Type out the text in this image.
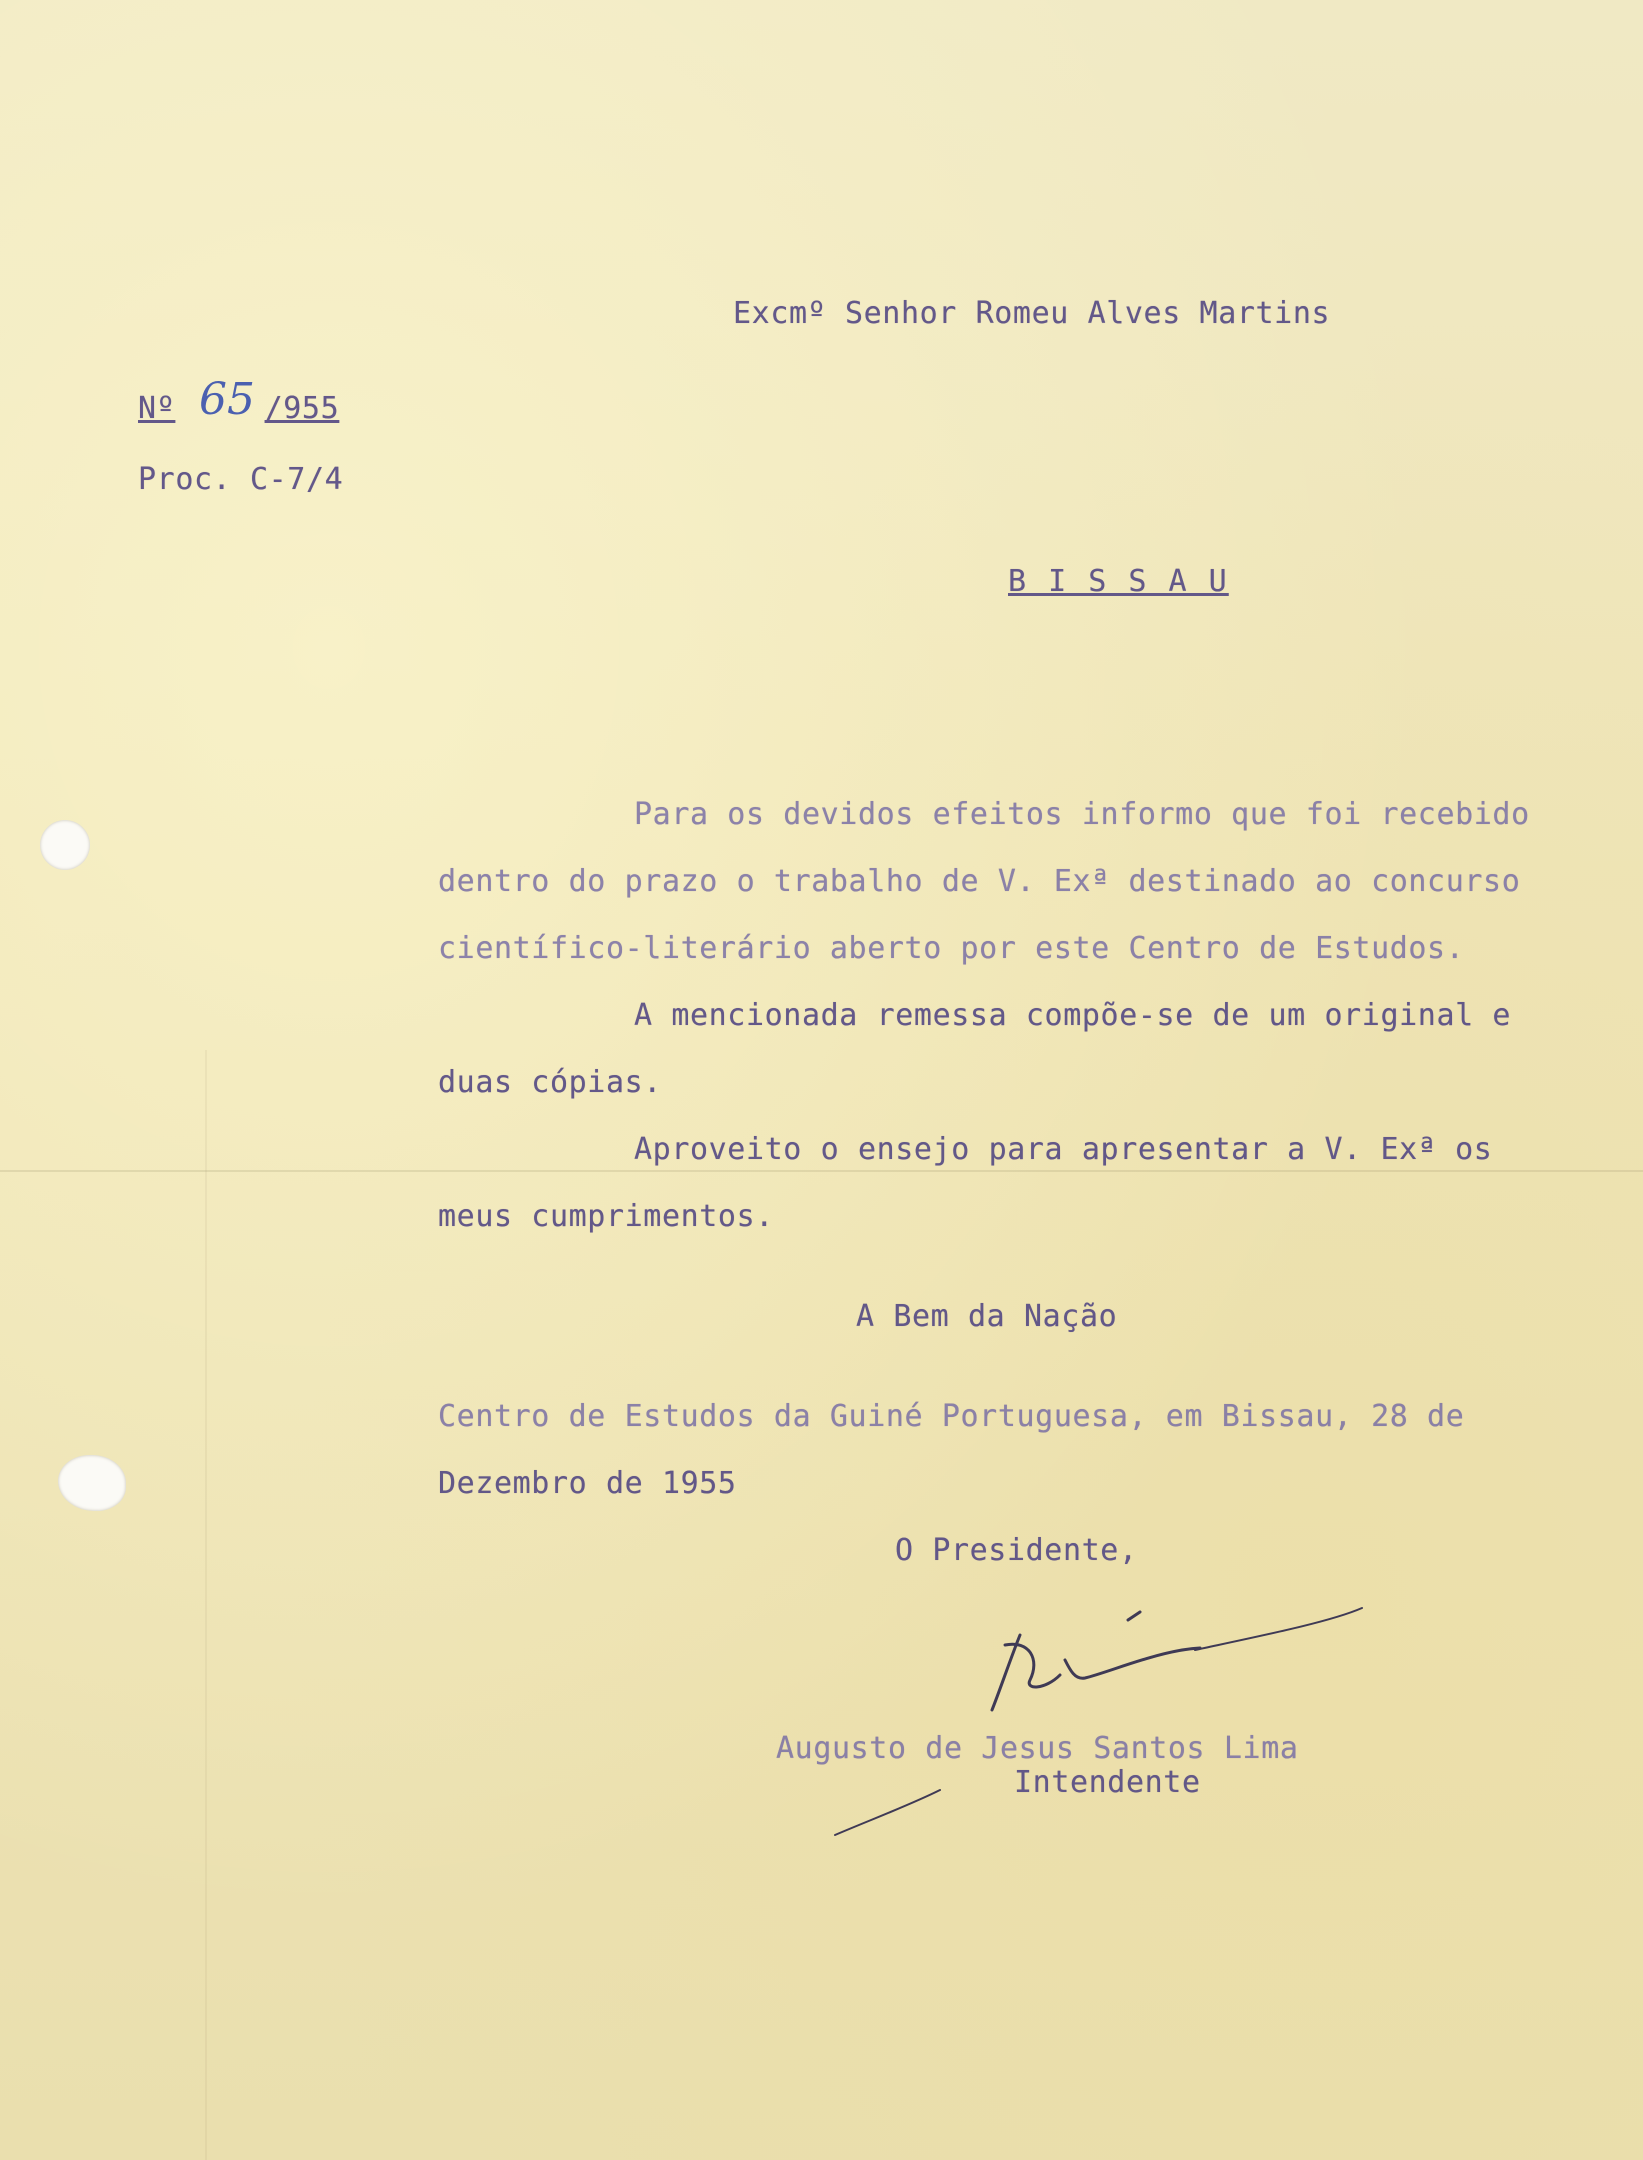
Excmº Senhor Romeu Alves Martins
Nº 65 /955
Proc. C-7/4
B I S S A U
Para os devidos efeitos informo que foi recebido
dentro do prazo o trabalho de V. Exª destinado ao concurso
científico-literário aberto por este Centro de Estudos.
A mencionada remessa compõe-se de um original e
duas cópias.
Aproveito o ensejo para apresentar a V. Exª os
meus cumprimentos.
A Bem da Nação
Centro de Estudos da Guiné Portuguesa, em Bissau, 28 de
Dezembro de 1955
O Presidente,
Augusto de Jesus Santos Lima
Intendente
